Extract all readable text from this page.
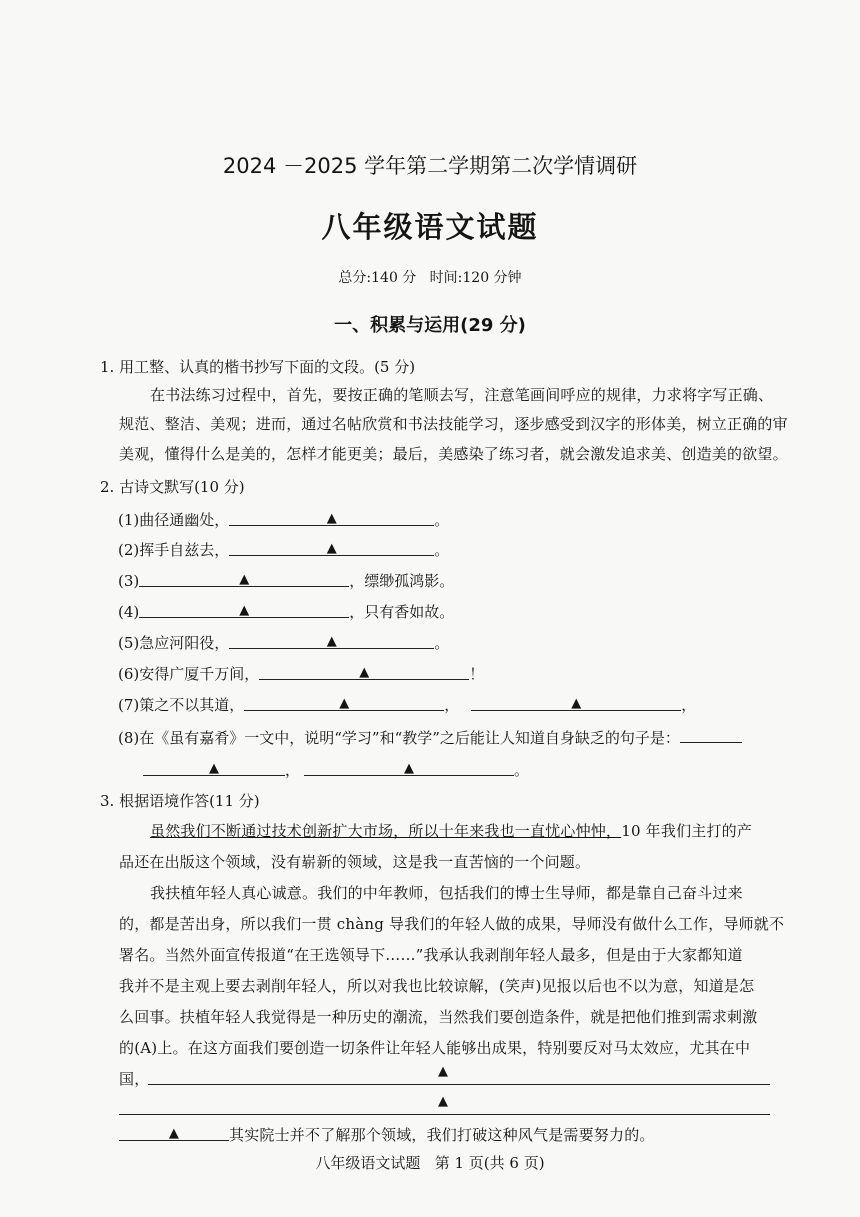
2024 －2025 学年第二学期第二次学情调研
八年级语文试题
总分:140 分   时间:120 分钟
一、积累与运用(29 分)
1. 用工整、认真的楷书抄写下面的文段。(5 分)
在书法练习过程中，首先，要按正确的笔顺去写，注意笔画间呼应的规律，力求将字写正确、
规范、整洁、美观；进而，通过名帖欣赏和书法技能学习，逐步感受到汉字的形体美，树立正确的审
美观，懂得什么是美的，怎样才能更美；最后，美感染了练习者，就会激发追求美、创造美的欲望。
2. 古诗文默写(10 分)
(1)曲径通幽处，	▲	。
(2)挥手自兹去，	▲	。
(3)	▲	，缥缈孤鸿影。
(4)	▲	，只有香如故。
(5)急应河阳役，	▲	。
(6)安得广厦千万间，	▲	！
(7)策之不以其道，	▲	，	▲	，
(8)在《虽有嘉肴》一文中，说明“学习”和“教学”之后能让人知道自身缺乏的句子是：
▲	，	▲	。
3. 根据语境作答(11 分)
虽然我们不断通过技术创新扩大市场，所以十年来我也一直忧心忡忡，10 年我们主打的产
品还在出版这个领域，没有崭新的领域，这是我一直苦恼的一个问题。
我扶植年轻人真心诚意。我们的中年教师，包括我们的博士生导师，都是靠自己奋斗过来
的，都是苦出身，所以我们一贯 chàng 导我们的年轻人做的成果，导师没有做什么工作，导师就不
署名。当然外面宣传报道“在王选领导下……”我承认我剥削年轻人最多，但是由于大家都知道
我并不是主观上要去剥削年轻人，所以对我也比较谅解，(笑声)见报以后也不以为意，知道是怎
么回事。扶植年轻人我觉得是一种历史的潮流，当然我们要创造条件，就是把他们推到需求刺激
的(A)上。在这方面我们要创造一切条件让年轻人能够出成果，特别要反对马太效应，尤其在中
国，	▲
▲
▲	其实院士并不了解那个领域，我们打破这种风气是需要努力的。
八年级语文试题   第 1 页(共 6 页)
